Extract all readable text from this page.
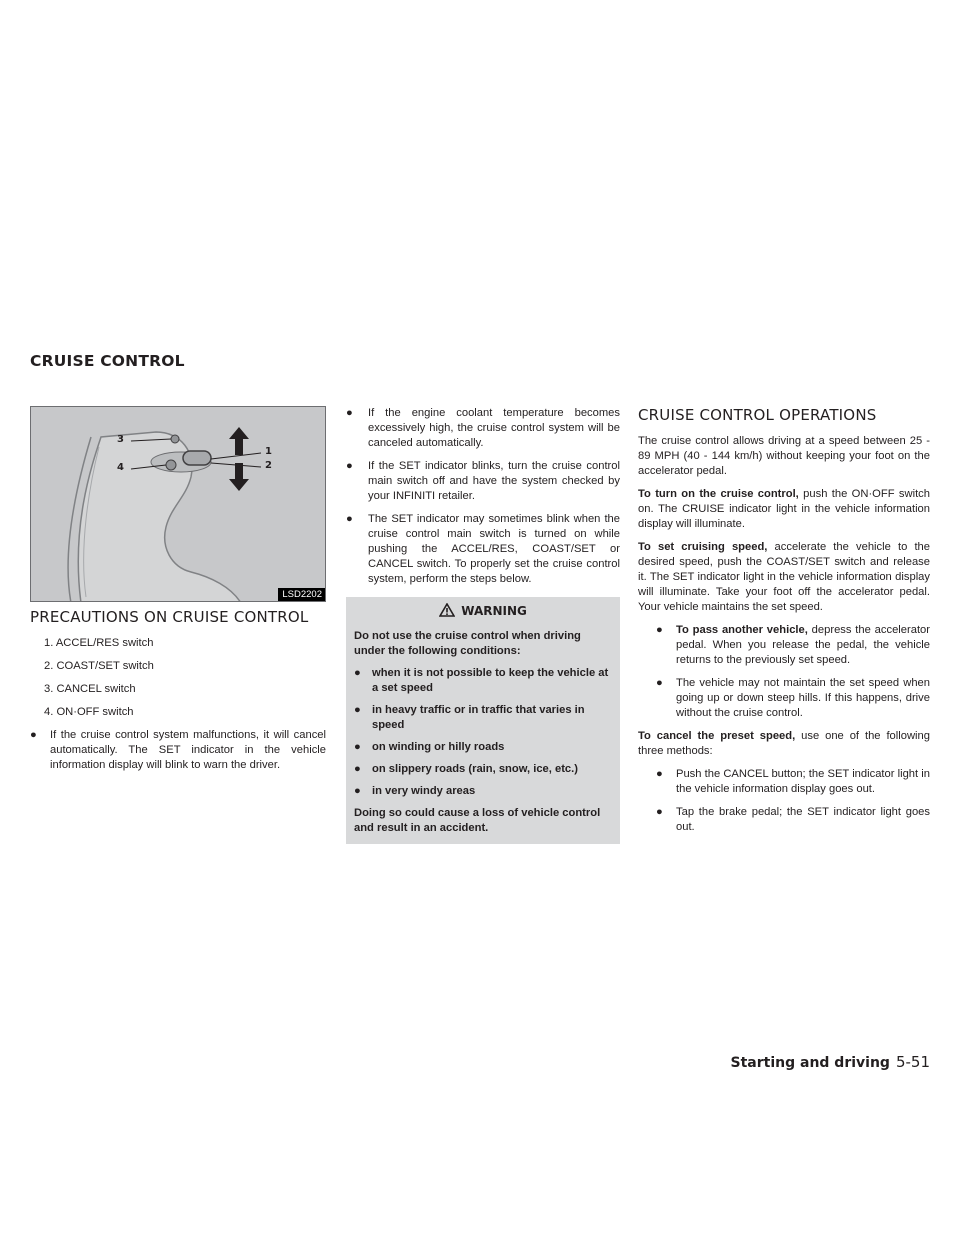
CRUISE CONTROL
3
4
1
2
LSD2202
PRECAUTIONS ON CRUISE CONTROL
1. ACCEL/RES switch
2. COAST/SET switch
3. CANCEL switch
4. ON·OFF switch
● If the cruise control system malfunctions, it will cancel automatically. The SET indicator in the vehicle information display will blink to warn the driver.
● If the engine coolant temperature becomes excessively high, the cruise control system will be canceled automatically.
● If the SET indicator blinks, turn the cruise control main switch off and have the system checked by your INFINITI retailer.
● The SET indicator may sometimes blink when the cruise control main switch is turned on while pushing the ACCEL/RES, COAST/SET or CANCEL switch. To properly set the cruise control system, perform the steps below.
WARNING

Do not use the cruise control when driving under the following conditions:

● when it is not possible to keep the vehicle at a set speed
● in heavy traffic or in traffic that varies in speed
● on winding or hilly roads
● on slippery roads (rain, snow, ice, etc.)
● in very windy areas

Doing so could cause a loss of vehicle control and result in an accident.

CRUISE CONTROL OPERATIONS

The cruise control allows driving at a speed between 25 - 89 MPH (40 - 144 km/h) without keeping your foot on the accelerator pedal.

To turn on the cruise control, push the ON·OFF switch on. The CRUISE indicator light in the vehicle information display will illuminate.

To set cruising speed, accelerate the vehicle to the desired speed, push the COAST/SET switch and release it. The SET indicator light in the vehicle information display will illuminate. Take your foot off the accelerator pedal. Your vehicle maintains the set speed.

● To pass another vehicle, depress the accelerator pedal. When you release the pedal, the vehicle returns to the previously set speed.
● The vehicle may not maintain the set speed when going up or down steep hills. If this happens, drive without the cruise control.

To cancel the preset speed, use one of the following three methods:

● Push the CANCEL button; the SET indicator light in the vehicle information display goes out.
● Tap the brake pedal; the SET indicator light goes out.
Starting and driving 5-51
